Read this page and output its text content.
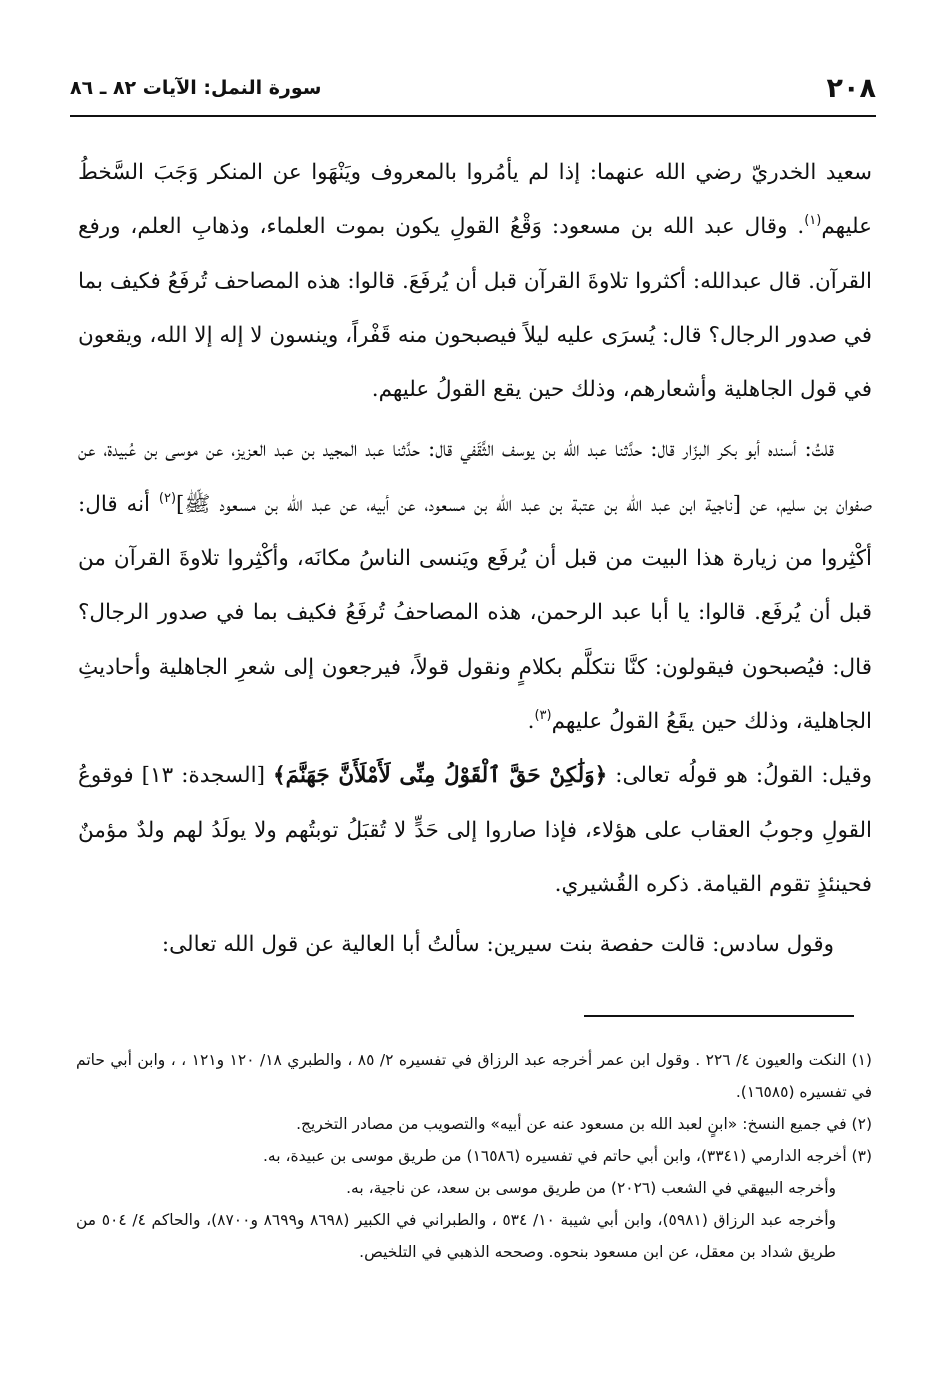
٢٠٨
سورة النمل: الآيات ٨٢ ـ ٨٦

سعيد الخدريّ رضي الله عنهما: إذا لم يأمُروا بالمعروف ويَنْهَوا عن المنكر وَجَبَ السَّخطُ عليهم$^{(١)}$. وقال عبد الله بن مسعود: وَقْعُ القولِ يكون بموت العلماء، وذهابِ العلم، ورفع القرآن. قال عبدالله: أكثروا تلاوةَ القرآن قبل أن يُرفَعَ. قالوا: هذه المصاحف تُرفَعُ فكيف بما في صدور الرجال؟ قال: يُسرَى عليه ليلاً فيصبحون منه قَفْراً، وينسون لا إله إلا الله، ويقعون في قول الجاهلية وأشعارهم، وذلك حين يقع القولُ عليهم.

قلتُ: أسنده أبو بكر البزّار قال: حدَّثنا عبد الله بن يوسف الثَّقَفي قال: حدَّثنا عبد المجيد بن عبد العزيز، عن موسى بن عُبيدة، عن صفوان بن سليم، عن [ناجية ابن عبد الله بن عتبة بن عبد الله بن مسعود، عن أبيه، عن عبد الله بن مسعود ﷺ]$^{(٢)}$ أنه قال: أكْثِروا من زيارة هذا البيت من قبل أن يُرفَع ويَنسى الناسُ مكانَه، وأكْثِروا تلاوةَ القرآن من قبل أن يُرفَع. قالوا: يا أبا عبد الرحمن، هذه المصاحفُ تُرفَعُ فكيف بما في صدور الرجال؟ قال: فيُصبحون فيقولون: كنَّا نتكلَّم بكلامٍ ونقول قولاً، فيرجعون إلى شعرِ الجاهلية وأحاديثِ الجاهلية، وذلك حين يقَعُ القولُ عليهم$^{(٣)}$.

وقيل: القولُ: هو قولُه تعالى: ﴿وَلَٰكِنْ حَقَّ ٱلْقَوْلُ مِنِّى لَأَمْلَأَنَّ جَهَنَّمَ﴾ [السجدة: ١٣] فوقوعُ القولِ وجوبُ العقاب على هؤلاء، فإذا صاروا إلى حَدٍّ لا تُقبَلُ توبتُهم ولا يولَدُ لهم ولدٌ مؤمنٌ فحينئذٍ تقوم القيامة. ذكره القُشيري.

وقول سادس: قالت حفصة بنت سيرين: سألتُ أبا العالية عن قول الله تعالى:

(١) النكت والعيون ٤/ ٢٢٦ . وقول ابن عمر أخرجه عبد الرزاق في تفسيره ٢/ ٨٥ ، والطبري ١٨/ ١٢٠ و١٢١ ، ، وابن أبي حاتم في تفسيره (١٦٥٨٥).

(٢) في جميع النسخ: «ابنٍ لعبد الله بن مسعود عنه عن أبيه» والتصويب من مصادر التخريج.

(٣) أخرجه الدارمي (٣٣٤١)، وابن أبي حاتم في تفسيره (١٦٥٨٦) من طريق موسى بن عبيدة، به.

وأخرجه البيهقي في الشعب (٢٠٢٦) من طريق موسى بن سعد، عن ناجية، به.

وأخرجه عبد الرزاق (٥٩٨١)، وابن أبي شيبة ١٠/ ٥٣٤ ، والطبراني في الكبير (٨٦٩٨ و٨٦٩٩ و٨٧٠٠)، والحاكم ٤/ ٥٠٤ من طريق شداد بن معقل، عن ابن مسعود بنحوه. وصححه الذهبي في التلخيص.
